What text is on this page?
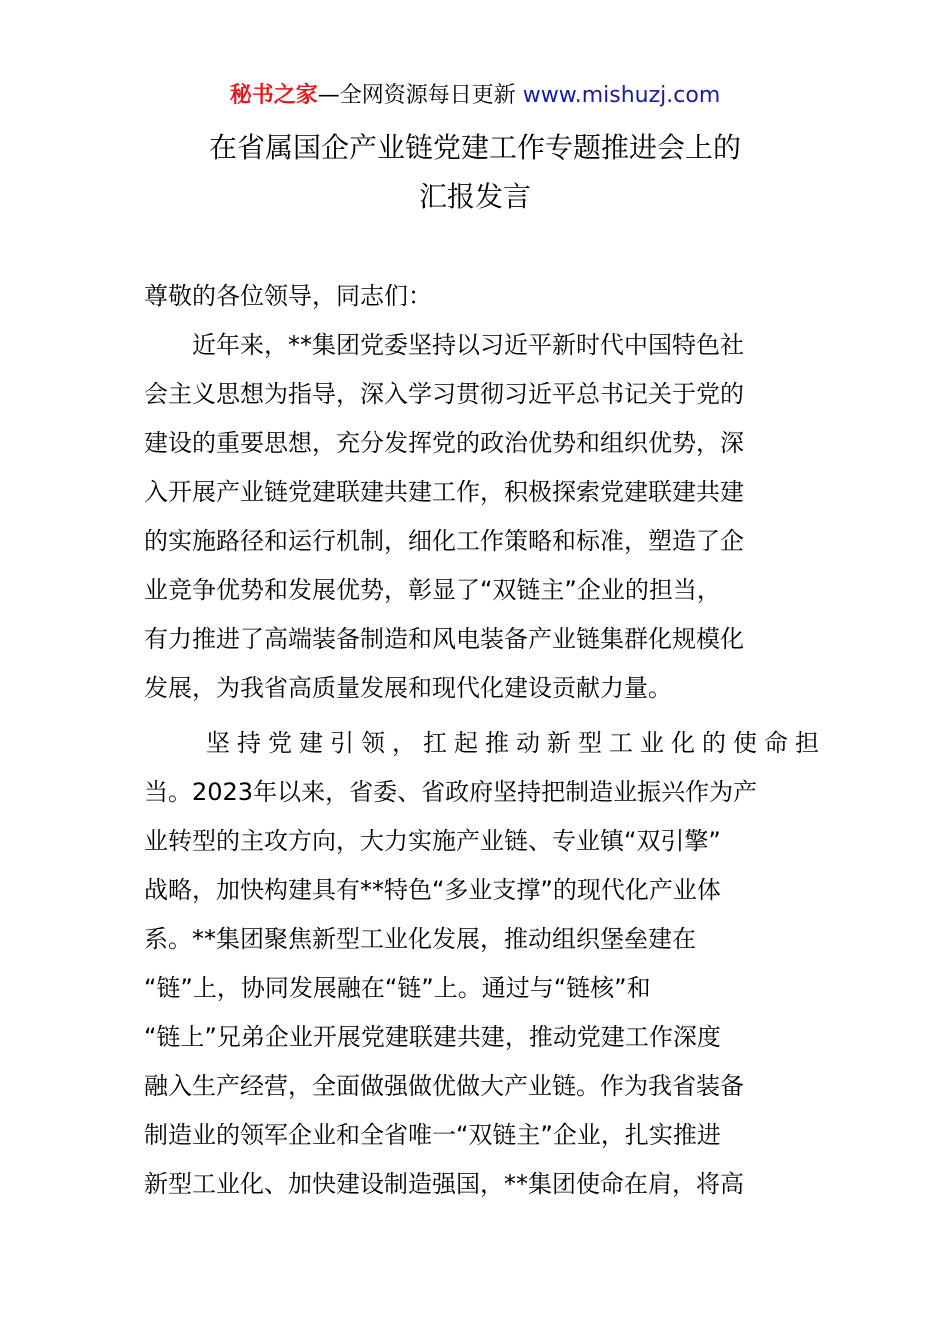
秘书之家—全网资源每日更新 www.mishuzj.com
在省属国企产业链党建工作专题推进会上的
汇报发言
尊敬的各位领导，同志们：
　　近年来，**集团党委坚持以习近平新时代中国特色社
会主义思想为指导，深入学习贯彻习近平总书记关于党的
建设的重要思想，充分发挥党的政治优势和组织优势，深
入开展产业链党建联建共建工作，积极探索党建联建共建
的实施路径和运行机制，细化工作策略和标准，塑造了企
业竞争优势和发展优势，彰显了“双链主”企业的担当，
有力推进了高端装备制造和风电装备产业链集群化规模化
发展，为我省高质量发展和现代化建设贡献力量。
　　坚持党建引领，扛起推动新型工业化的使命担
当。2023年以来，省委、省政府坚持把制造业振兴作为产
业转型的主攻方向，大力实施产业链、专业镇“双引擎”
战略，加快构建具有**特色“多业支撑”的现代化产业体
系。**集团聚焦新型工业化发展，推动组织堡垒建在
“链”上，协同发展融在“链”上。通过与“链核”和
“链上”兄弟企业开展党建联建共建，推动党建工作深度
融入生产经营，全面做强做优做大产业链。作为我省装备
制造业的领军企业和全省唯一“双链主”企业，扎实推进
新型工业化、加快建设制造强国，**集团使命在肩，将高
